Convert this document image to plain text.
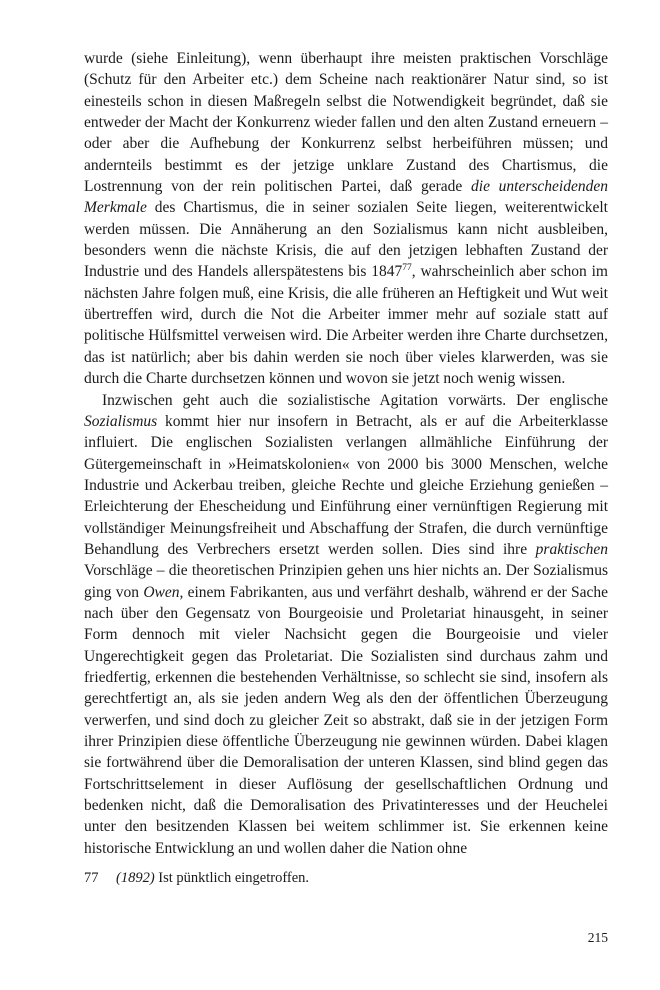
wurde (siehe Einleitung), wenn überhaupt ihre meisten praktischen Vorschläge (Schutz für den Arbeiter etc.) dem Scheine nach reaktionärer Natur sind, so ist einesteils schon in diesen Maßregeln selbst die Notwendigkeit begründet, daß sie entweder der Macht der Konkurrenz wieder fallen und den alten Zustand erneuern – oder aber die Aufhebung der Konkurrenz selbst herbeiführen müssen; und andernteils bestimmt es der jetzige unklare Zustand des Chartismus, die Lostrennung von der rein politischen Partei, daß gerade die unterscheidenden Merkmale des Chartismus, die in seiner sozialen Seite liegen, weiterentwickelt werden müssen. Die Annäherung an den Sozialismus kann nicht ausbleiben, besonders wenn die nächste Krisis, die auf den jetzigen lebhaften Zustand der Industrie und des Handels allerspätestens bis 1847$^{77}$, wahrscheinlich aber schon im nächsten Jahre folgen muß, eine Krisis, die alle früheren an Heftigkeit und Wut weit übertreffen wird, durch die Not die Arbeiter immer mehr auf soziale statt auf politische Hülfsmittel verweisen wird. Die Arbeiter werden ihre Charte durchsetzen, das ist natürlich; aber bis dahin werden sie noch über vieles klarwerden, was sie durch die Charte durchsetzen können und wovon sie jetzt noch wenig wissen.

Inzwischen geht auch die sozialistische Agitation vorwärts. Der englische Sozialismus kommt hier nur insofern in Betracht, als er auf die Arbeiterklasse influiert. Die englischen Sozialisten verlangen allmähliche Einführung der Gütergemeinschaft in »Heimatskolonien« von 2000 bis 3000 Menschen, welche Industrie und Ackerbau treiben, gleiche Rechte und gleiche Erziehung genießen – Erleichterung der Ehescheidung und Einführung einer vernünftigen Regierung mit vollständiger Meinungsfreiheit und Abschaffung der Strafen, die durch vernünftige Behandlung des Verbrechers ersetzt werden sollen. Dies sind ihre praktischen Vorschläge – die theoretischen Prinzipien gehen uns hier nichts an. Der Sozialismus ging von Owen, einem Fabrikanten, aus und verfährt deshalb, während er der Sache nach über den Gegensatz von Bourgeoisie und Proletariat hinausgeht, in seiner Form dennoch mit vieler Nachsicht gegen die Bourgeoisie und vieler Ungerechtigkeit gegen das Proletariat. Die Sozialisten sind durchaus zahm und friedfertig, erkennen die bestehenden Verhältnisse, so schlecht sie sind, insofern als gerechtfertigt an, als sie jeden andern Weg als den der öffentlichen Überzeugung verwerfen, und sind doch zu gleicher Zeit so abstrakt, daß sie in der jetzigen Form ihrer Prinzipien diese öffentliche Überzeugung nie gewinnen würden. Dabei klagen sie fortwährend über die Demoralisation der unteren Klassen, sind blind gegen das Fortschrittselement in dieser Auflösung der gesellschaftlichen Ordnung und bedenken nicht, daß die Demoralisation des Privatinteresses und der Heuchelei unter den besitzenden Klassen bei weitem schlimmer ist. Sie erkennen keine historische Entwicklung an und wollen daher die Nation ohne

77 (1892) Ist pünktlich eingetroffen.
215
